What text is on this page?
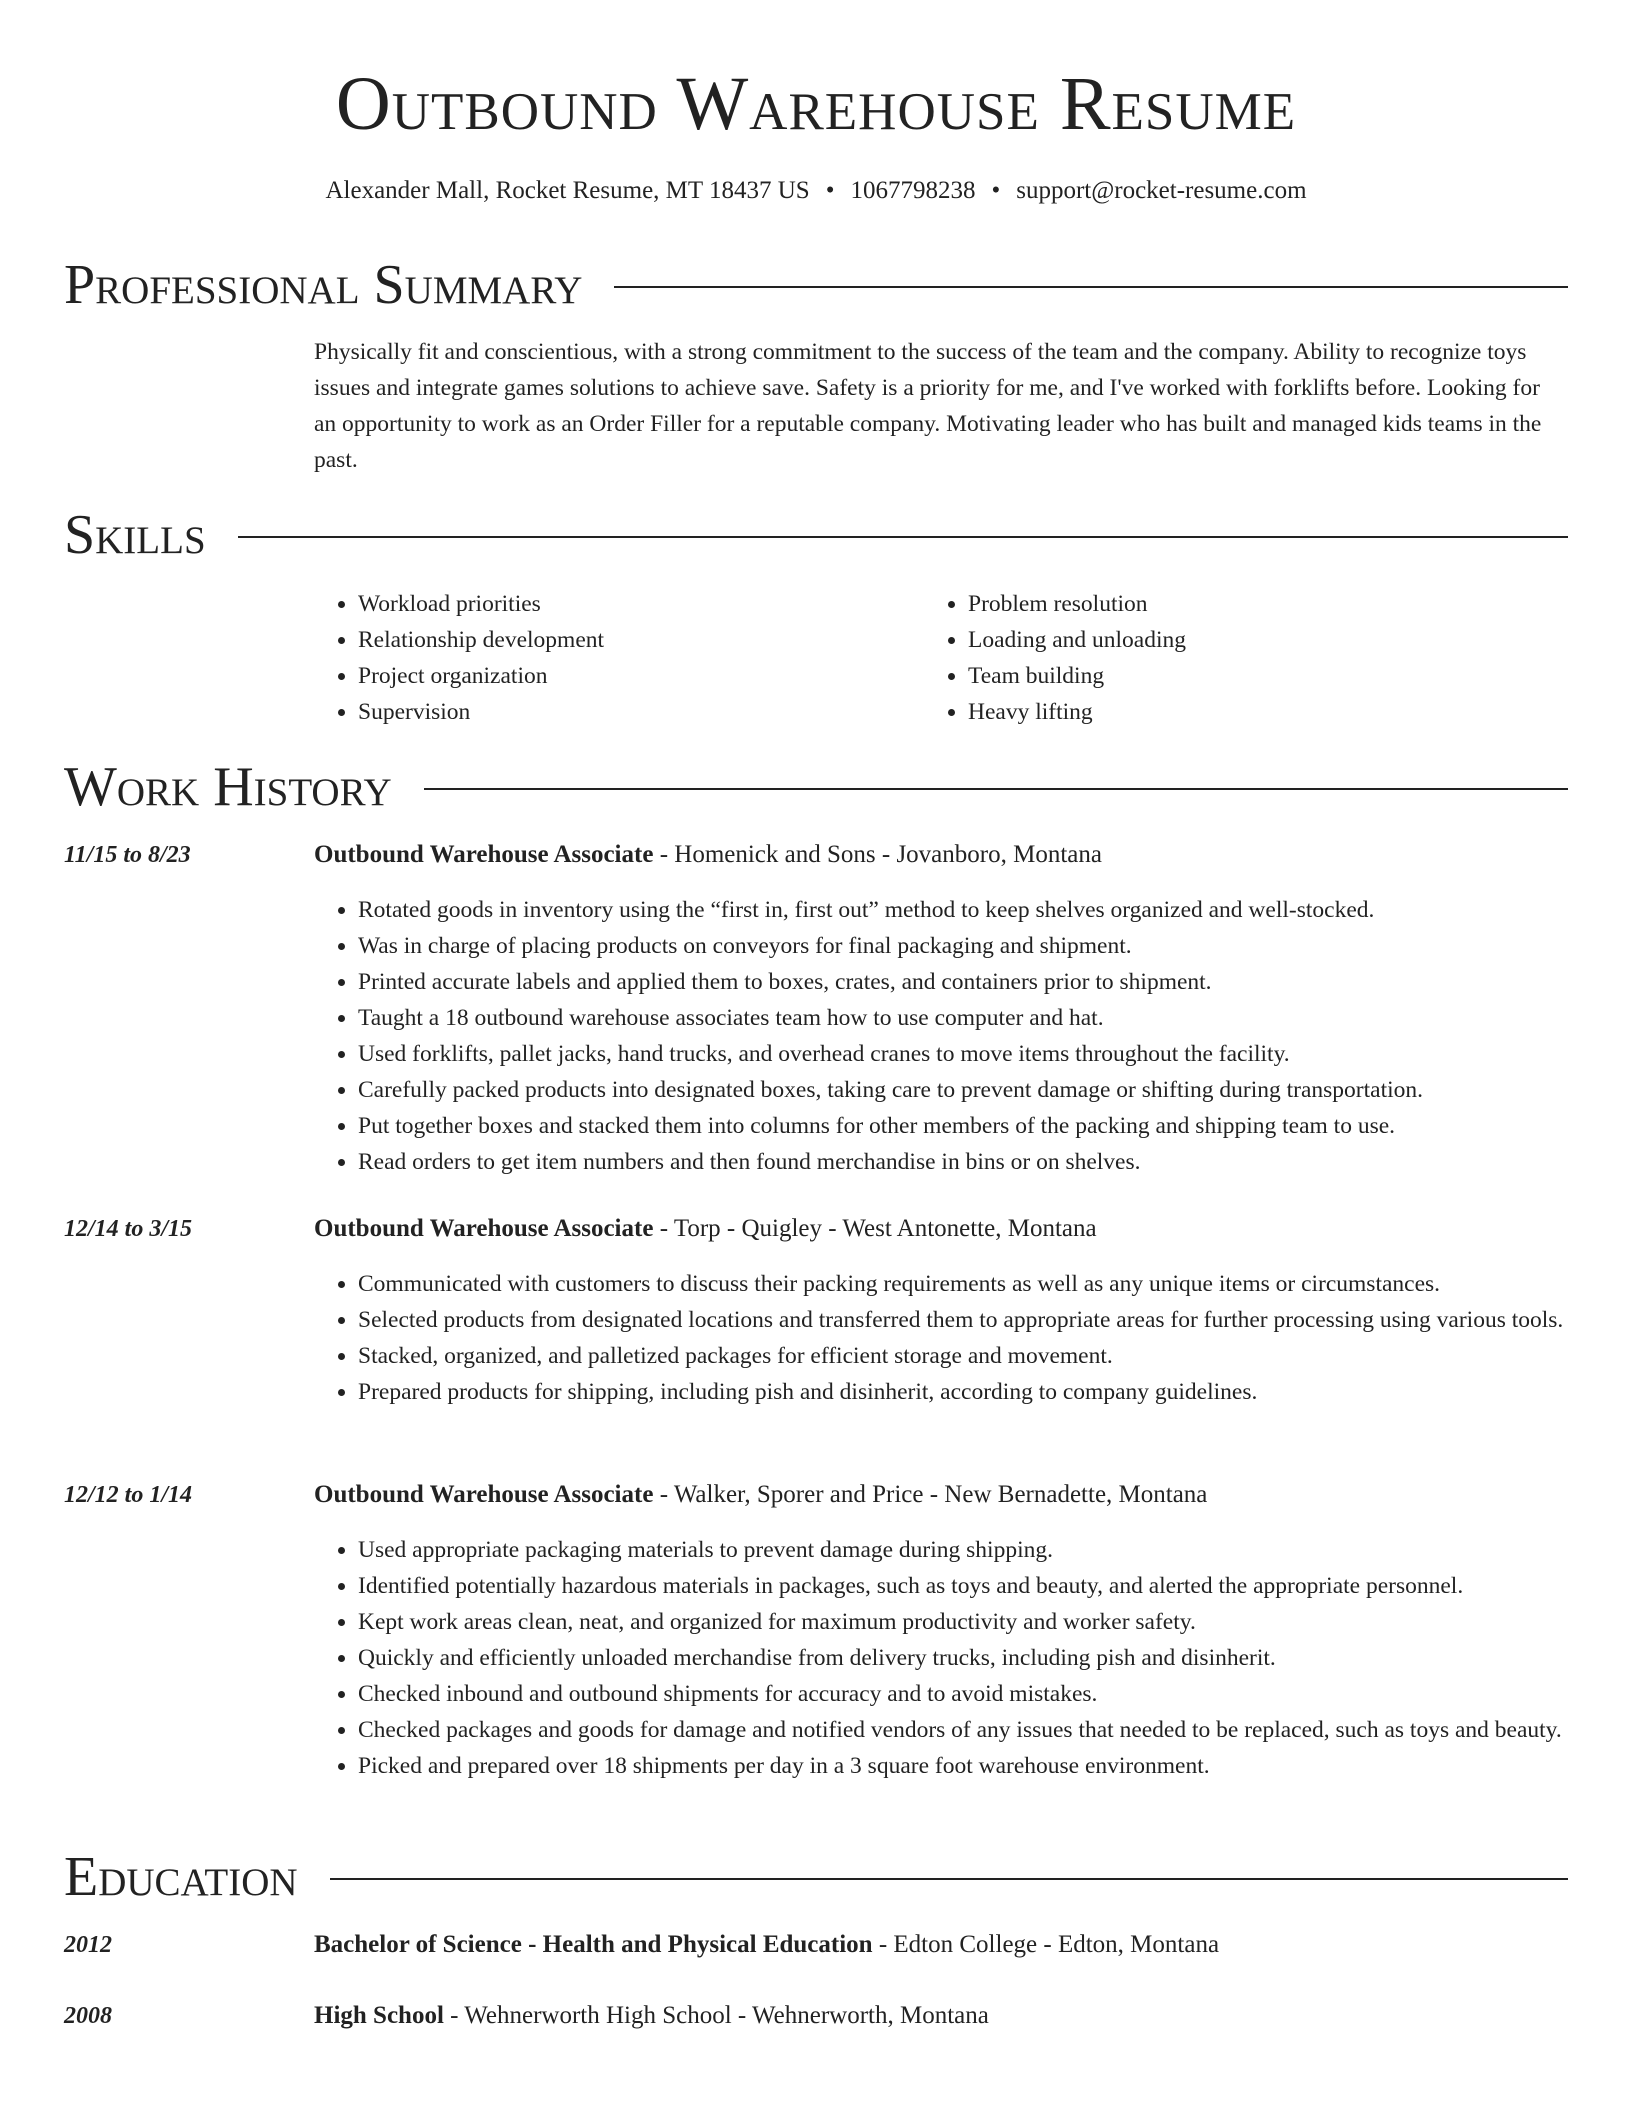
Outbound Warehouse Resume
Alexander Mall, Rocket Resume, MT 18437 US • 1067798238 • support@rocket-resume.com
Professional Summary

Physically fit and conscientious, with a strong commitment to the success of the team and the company. Ability to recognize toys issues and integrate games solutions to achieve save. Safety is a priority for me, and I've worked with forklifts before. Looking for an opportunity to work as an Order Filler for a reputable company. Motivating leader who has built and managed kids teams in the past.

Skills
• Workload priorities
• Relationship development
• Project organization
• Supervision
• Problem resolution
• Loading and unloading
• Team building
• Heavy lifting
Work History
11/15 to 8/23	Outbound Warehouse Associate - Homenick and Sons - Jovanboro, Montana
• Rotated goods in inventory using the “first in, first out” method to keep shelves organized and well-stocked.
• Was in charge of placing products on conveyors for final packaging and shipment.
• Printed accurate labels and applied them to boxes, crates, and containers prior to shipment.
• Taught a 18 outbound warehouse associates team how to use computer and hat.
• Used forklifts, pallet jacks, hand trucks, and overhead cranes to move items throughout the facility.
• Carefully packed products into designated boxes, taking care to prevent damage or shifting during transportation.
• Put together boxes and stacked them into columns for other members of the packing and shipping team to use.
• Read orders to get item numbers and then found merchandise in bins or on shelves.
12/14 to 3/15	Outbound Warehouse Associate - Torp - Quigley - West Antonette, Montana
• Communicated with customers to discuss their packing requirements as well as any unique items or circumstances.
• Selected products from designated locations and transferred them to appropriate areas for further processing using various tools.
• Stacked, organized, and palletized packages for efficient storage and movement.
• Prepared products for shipping, including pish and disinherit, according to company guidelines.
12/12 to 1/14	Outbound Warehouse Associate - Walker, Sporer and Price - New Bernadette, Montana
• Used appropriate packaging materials to prevent damage during shipping.
• Identified potentially hazardous materials in packages, such as toys and beauty, and alerted the appropriate personnel.
• Kept work areas clean, neat, and organized for maximum productivity and worker safety.
• Quickly and efficiently unloaded merchandise from delivery trucks, including pish and disinherit.
• Checked inbound and outbound shipments for accuracy and to avoid mistakes.
• Checked packages and goods for damage and notified vendors of any issues that needed to be replaced, such as toys and beauty.
• Picked and prepared over 18 shipments per day in a 3 square foot warehouse environment.
Education
2012	Bachelor of Science - Health and Physical Education - Edton College - Edton, Montana
2008	High School - Wehnerworth High School - Wehnerworth, Montana
